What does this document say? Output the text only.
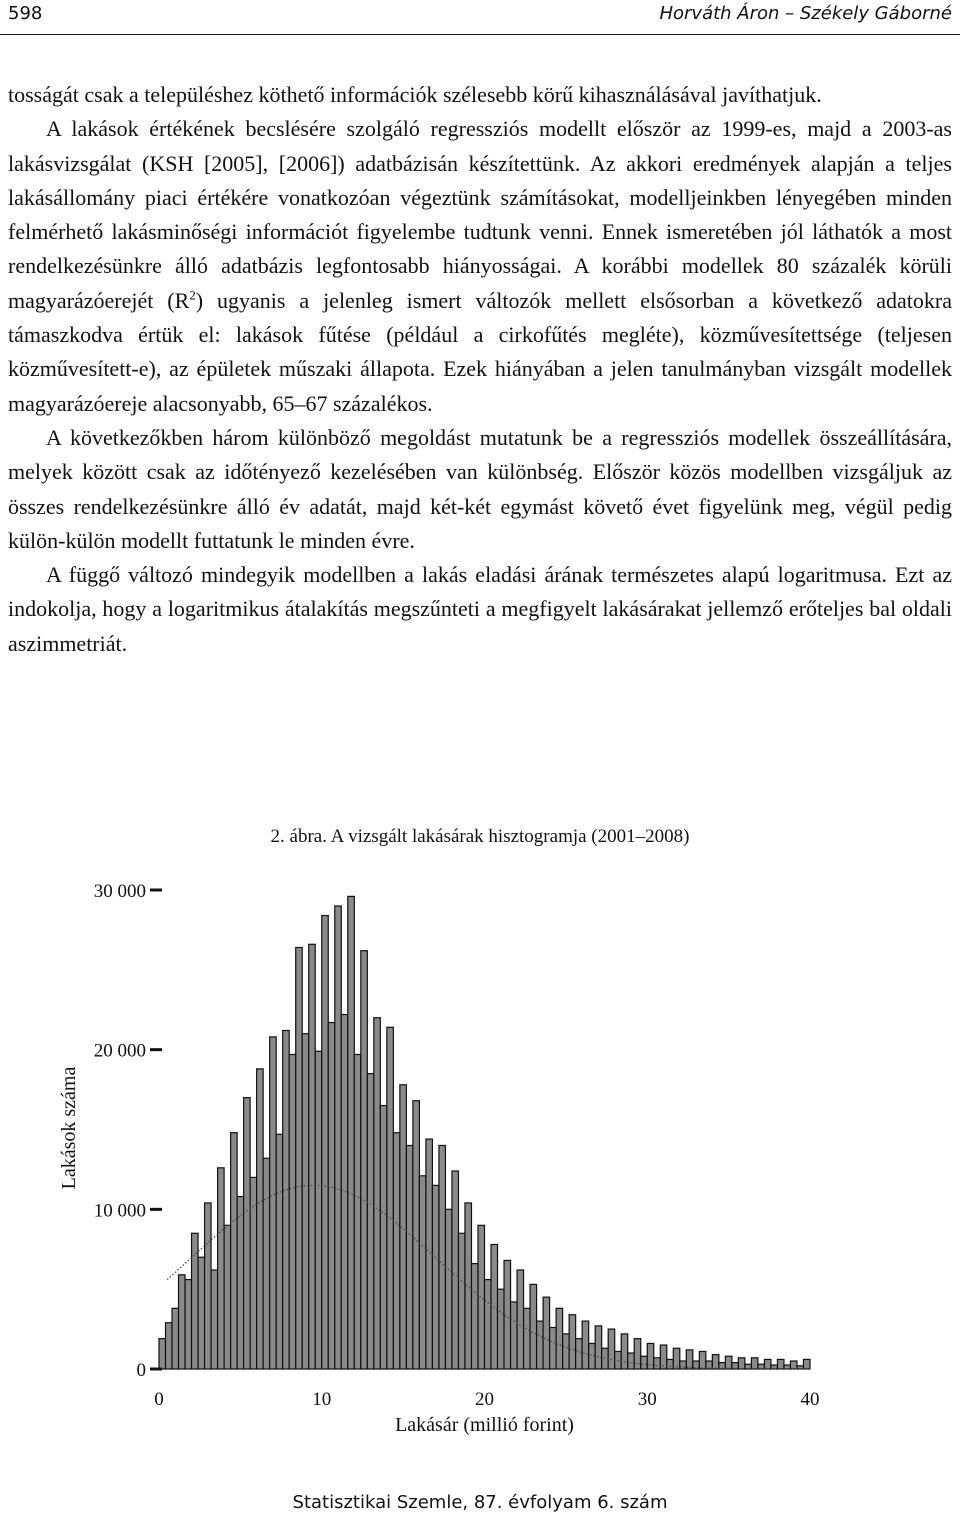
598	Horváth Áron – Székely Gáborné

tosságát csak a településhez köthető információk szélesebb körű kihasználásával javíthatjuk.

A lakások értékének becslésére szolgáló regressziós modellt először az 1999-es, majd a 2003-as lakásvizsgálat (KSH [2005], [2006]) adatbázisán készítettünk. Az akkori eredmények alapján a teljes lakásállomány piaci értékére vonatkozóan végeztünk számításokat, modelljeinkben lényegében minden felmérhető lakásminőségi információt figyelembe tudtunk venni. Ennek ismeretében jól láthatók a most rendelkezésünkre álló adatbázis legfontosabb hiányosságai. A korábbi modellek 80 százalék körüli magyarázóerejét $(R^2)$ ugyanis a jelenleg ismert változók mellett elsősorban a következő adatokra támaszkodva értük el: lakások fűtése (például a cirkofűtés megléte), közművesítettsége (teljesen közművesített-e), az épületek műszaki állapota. Ezek hiányában a jelen tanulmányban vizsgált modellek magyarázóereje alacsonyabb, 65–67 százalékos.

A következőkben három különböző megoldást mutatunk be a regressziós modellek összeállítására, melyek között csak az időtényező kezelésében van különbség. Először közös modellben vizsgáljuk az összes rendelkezésünkre álló év adatát, majd két-két egymást követő évet figyelünk meg, végül pedig külön-külön modellt futtatunk le minden évre.

A függő változó mindegyik modellben a lakás eladási árának természetes alapú logaritmusa. Ezt az indokolja, hogy a logaritmikus átalakítás megszűnteti a megfigyelt lakásárakat jellemző erőteljes bal oldali aszimmetriát.

2. ábra. A vizsgált lakásárak hisztogramja (2001–2008)
0
10 000
20 000
30 000
0	10	20	30	40
Lakásár (millió forint)
Lakások száma
Statisztikai Szemle, 87. évfolyam 6. szám
